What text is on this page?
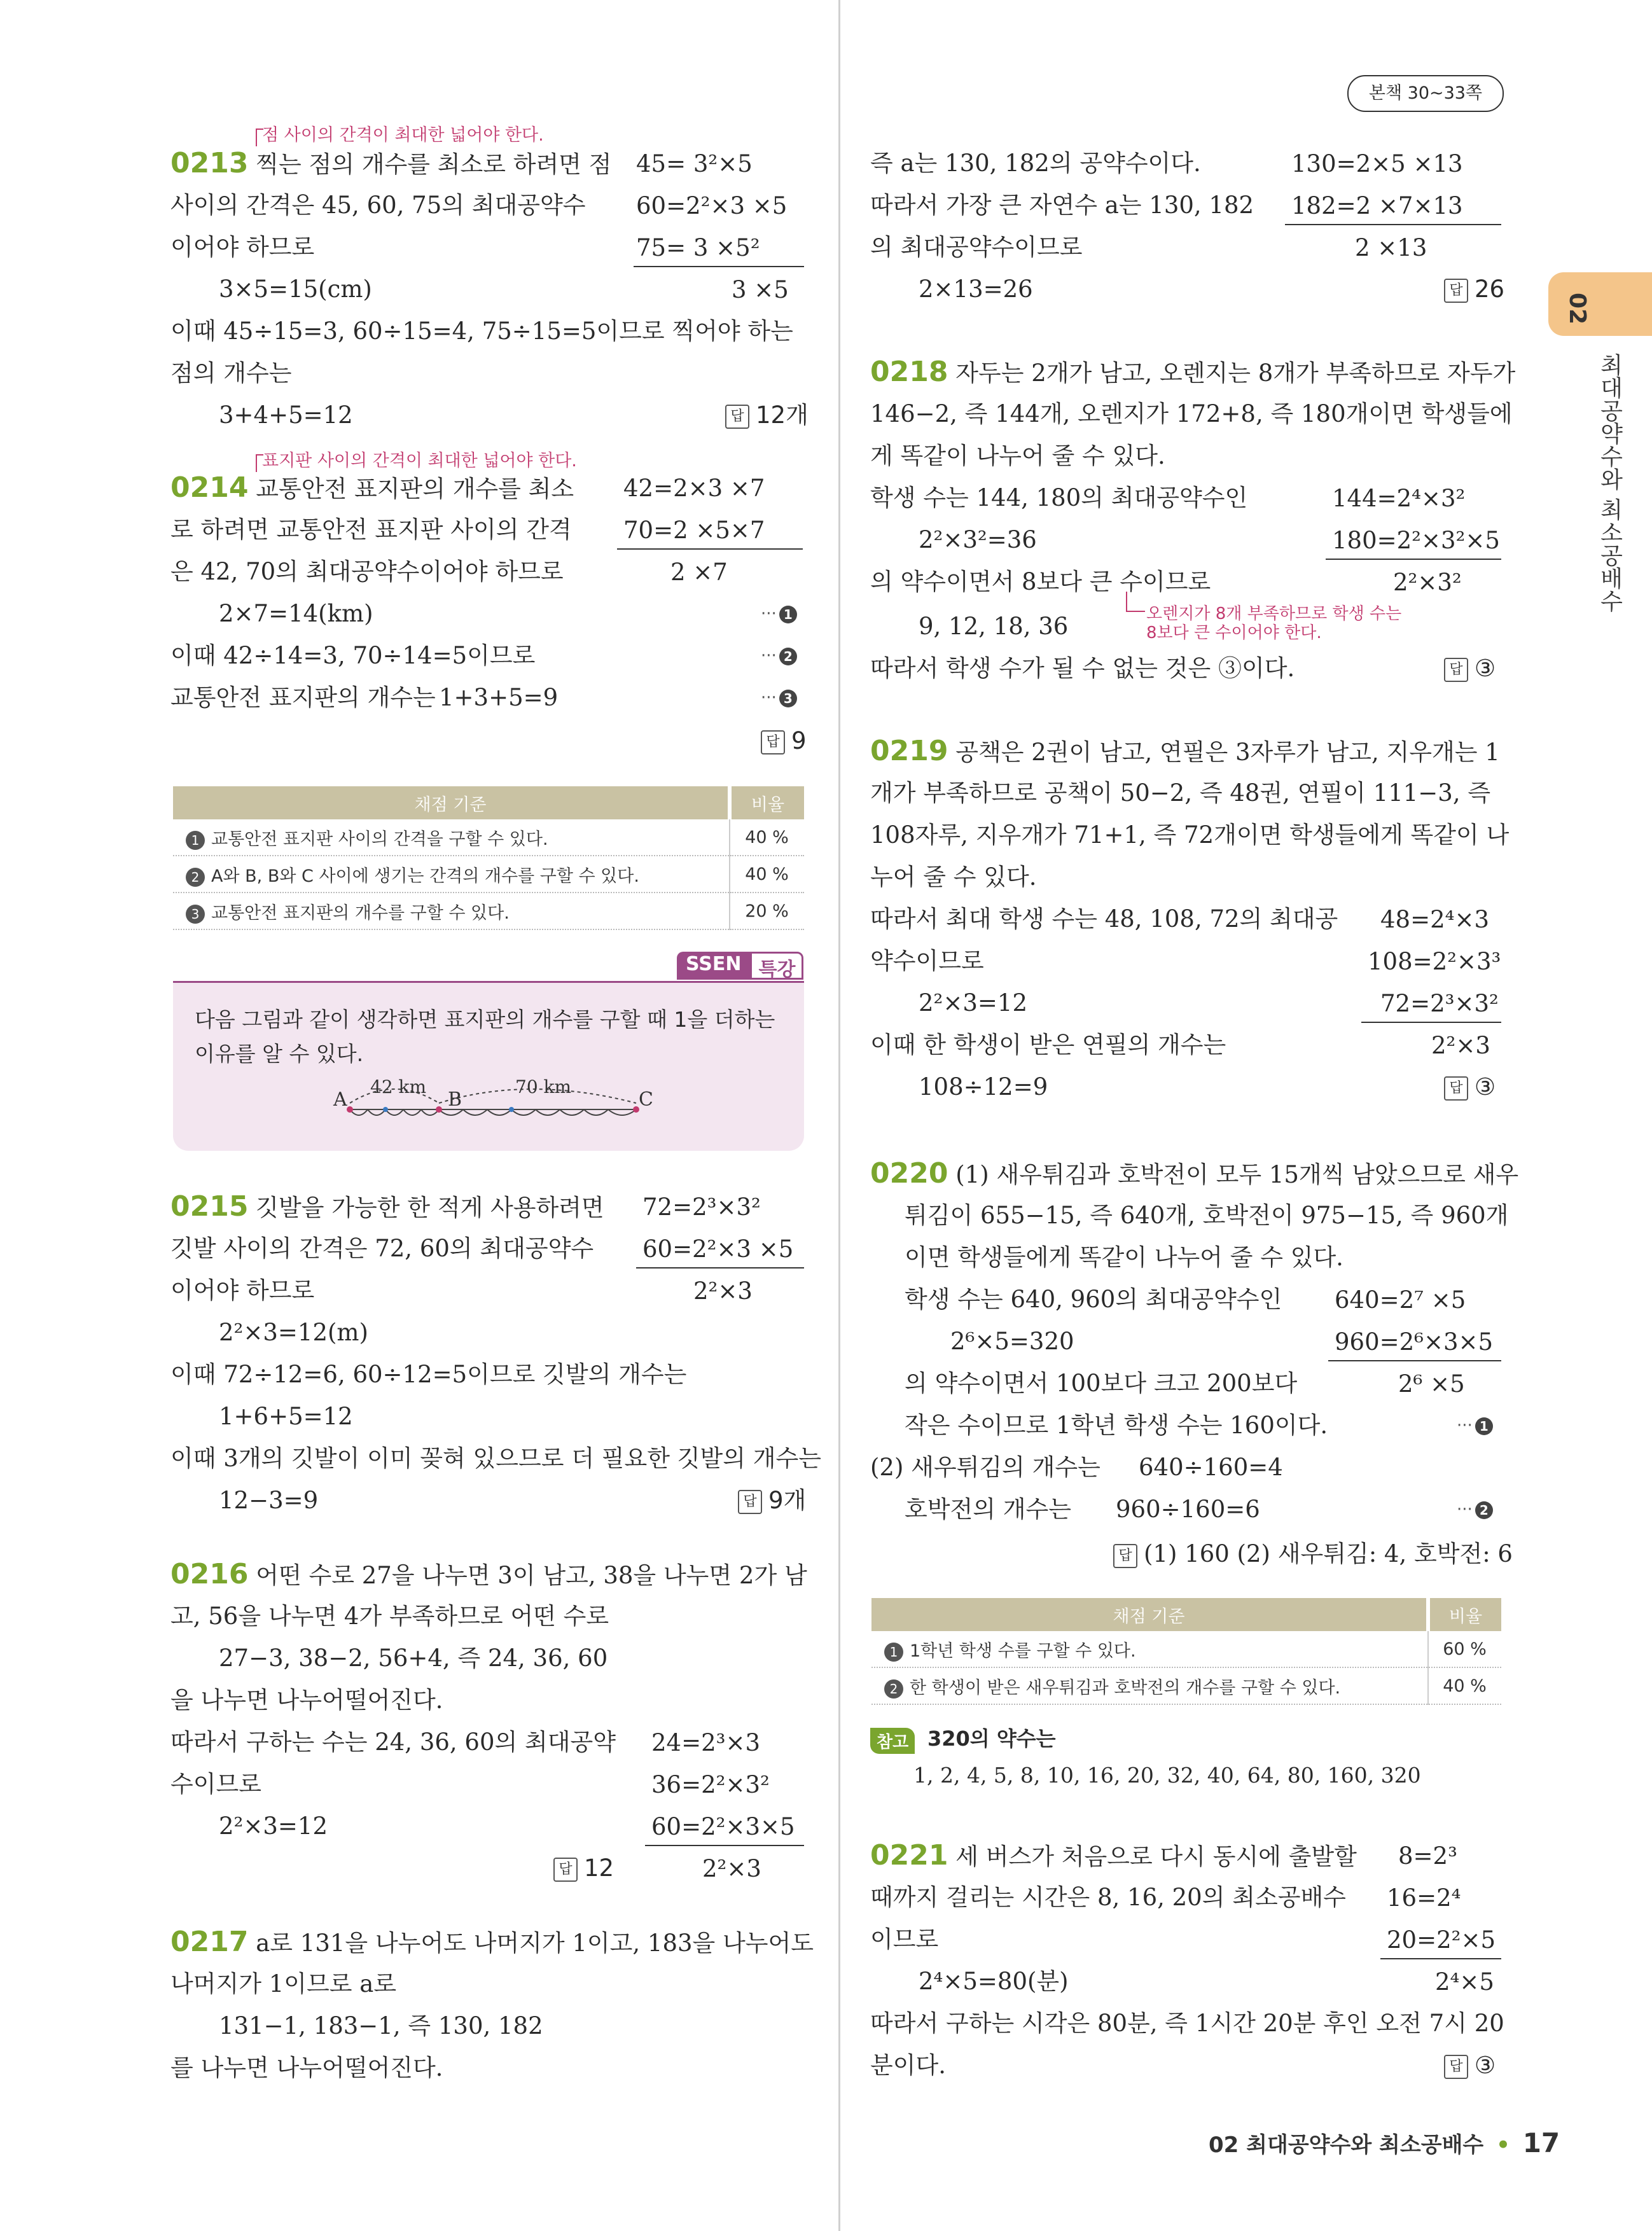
본책 30~33쪽
02
최대공약수와 최소공배수
점 사이의 간격이 최대한 넓어야 한다.
0213 찍는 점의 개수를 최소로 하려면 점
사이의 간격은 45, 60, 75의 최대공약수
이어야 하므로
3×5=15(cm)
이때 45÷15=3, 60÷15=4, 75÷15=5이므로 찍어야 하는
점의 개수는
3+4+5=12	답 12개
45= 3²×5
60=2²×3 ×5
75= 3 ×5²
3 ×5
표지판 사이의 간격이 최대한 넓어야 한다.
0214 교통안전 표지판의 개수를 최소
로 하려면 교통안전 표지판 사이의 간격
은 42, 70의 최대공약수이어야 하므로
2×7=14(km)
이때 42÷14=3, 70÷14=5이므로
교통안전 표지판의 개수는 1+3+5=9
··· 1
··· 2
··· 3
답 9
42=2×3 ×7
70=2 ×5×7
2 ×7
채점 기준	비율
1 교통안전 표지판 사이의 간격을 구할 수 있다.	40 %
2 A와 B, B와 C 사이에 생기는 간격의 개수를 구할 수 있다.	40 %
3 교통안전 표지판의 개수를 구할 수 있다.	20 %
SSEN 특강
다음 그림과 같이 생각하면 표지판의 개수를 구할 때 1을 더하는
이유를 알 수 있다.
A	B	C
42 km	70 km
0215 깃발을 가능한 한 적게 사용하려면
깃발 사이의 간격은 72, 60의 최대공약수
이어야 하므로
2²×3=12(m)
이때 72÷12=6, 60÷12=5이므로 깃발의 개수는
1+6+5=12
이때 3개의 깃발이 이미 꽂혀 있으므로 더 필요한 깃발의 개수는
12−3=9	답 9개
72=2³×3²
60=2²×3 ×5
2²×3
0216 어떤 수로 27을 나누면 3이 남고, 38을 나누면 2가 남
고, 56을 나누면 4가 부족하므로 어떤 수로
27−3, 38−2, 56+4, 즉 24, 36, 60
을 나누면 나누어떨어진다.
따라서 구하는 수는 24, 36, 60의 최대공약
수이므로
2²×3=12
답 12
24=2³×3
36=2²×3²
60=2²×3×5
2²×3
0217 a로 131을 나누어도 나머지가 1이고, 183을 나누어도
나머지가 1이므로 a로
131−1, 183−1, 즉 130, 182
를 나누면 나누어떨어진다.
즉 a는 130, 182의 공약수이다.
따라서 가장 큰 자연수 a는 130, 182
의 최대공약수이므로
2×13=26	답 26
130=2×5 ×13
182=2 ×7×13
2 ×13
0218 자두는 2개가 남고, 오렌지는 8개가 부족하므로 자두가
146−2, 즉 144개, 오렌지가 172+8, 즉 180개이면 학생들에
게 똑같이 나누어 줄 수 있다.
학생 수는 144, 180의 최대공약수인
2²×3²=36
의 약수이면서 8보다 큰 수이므로
9, 12, 18, 36	오렌지가 8개 부족하므로 학생 수는 8보다 큰 수이어야 한다.
따라서 학생 수가 될 수 없는 것은 ③이다.	답 ③
144=2⁴×3²
180=2²×3²×5
2²×3²
0219 공책은 2권이 남고, 연필은 3자루가 남고, 지우개는 1
개가 부족하므로 공책이 50−2, 즉 48권, 연필이 111−3, 즉
108자루, 지우개가 71+1, 즉 72개이면 학생들에게 똑같이 나
누어 줄 수 있다.
따라서 최대 학생 수는 48, 108, 72의 최대공
약수이므로
2²×3=12
이때 한 학생이 받은 연필의 개수는
108÷12=9	답 ③
48=2⁴×3
108=2²×3³
72=2³×3²
2²×3
0220 (1) 새우튀김과 호박전이 모두 15개씩 남았으므로 새우
튀김이 655−15, 즉 640개, 호박전이 975−15, 즉 960개
이면 학생들에게 똑같이 나누어 줄 수 있다.
학생 수는 640, 960의 최대공약수인
2⁶×5=320
의 약수이면서 100보다 크고 200보다
작은 수이므로 1학년 학생 수는 160이다.	··· 1
(2) 새우튀김의 개수는 640÷160=4
호박전의 개수는 960÷160=6	··· 2
답 (1) 160 (2) 새우튀김: 4, 호박전: 6
640=2⁷ ×5
960=2⁶×3×5
2⁶ ×5
채점 기준	비율
1 1학년 학생 수를 구할 수 있다.	60 %
2 한 학생이 받은 새우튀김과 호박전의 개수를 구할 수 있다.	40 %
참고 320의 약수는
1, 2, 4, 5, 8, 10, 16, 20, 32, 40, 64, 80, 160, 320
0221 세 버스가 처음으로 다시 동시에 출발할
때까지 걸리는 시간은 8, 16, 20의 최소공배수
이므로
2⁴×5=80(분)
따라서 구하는 시각은 80분, 즉 1시간 20분 후인 오전 7시 20
분이다.	답 ③
8=2³
16=2⁴
20=2²×5
2⁴×5
02 최대공약수와 최소공배수 • 17
